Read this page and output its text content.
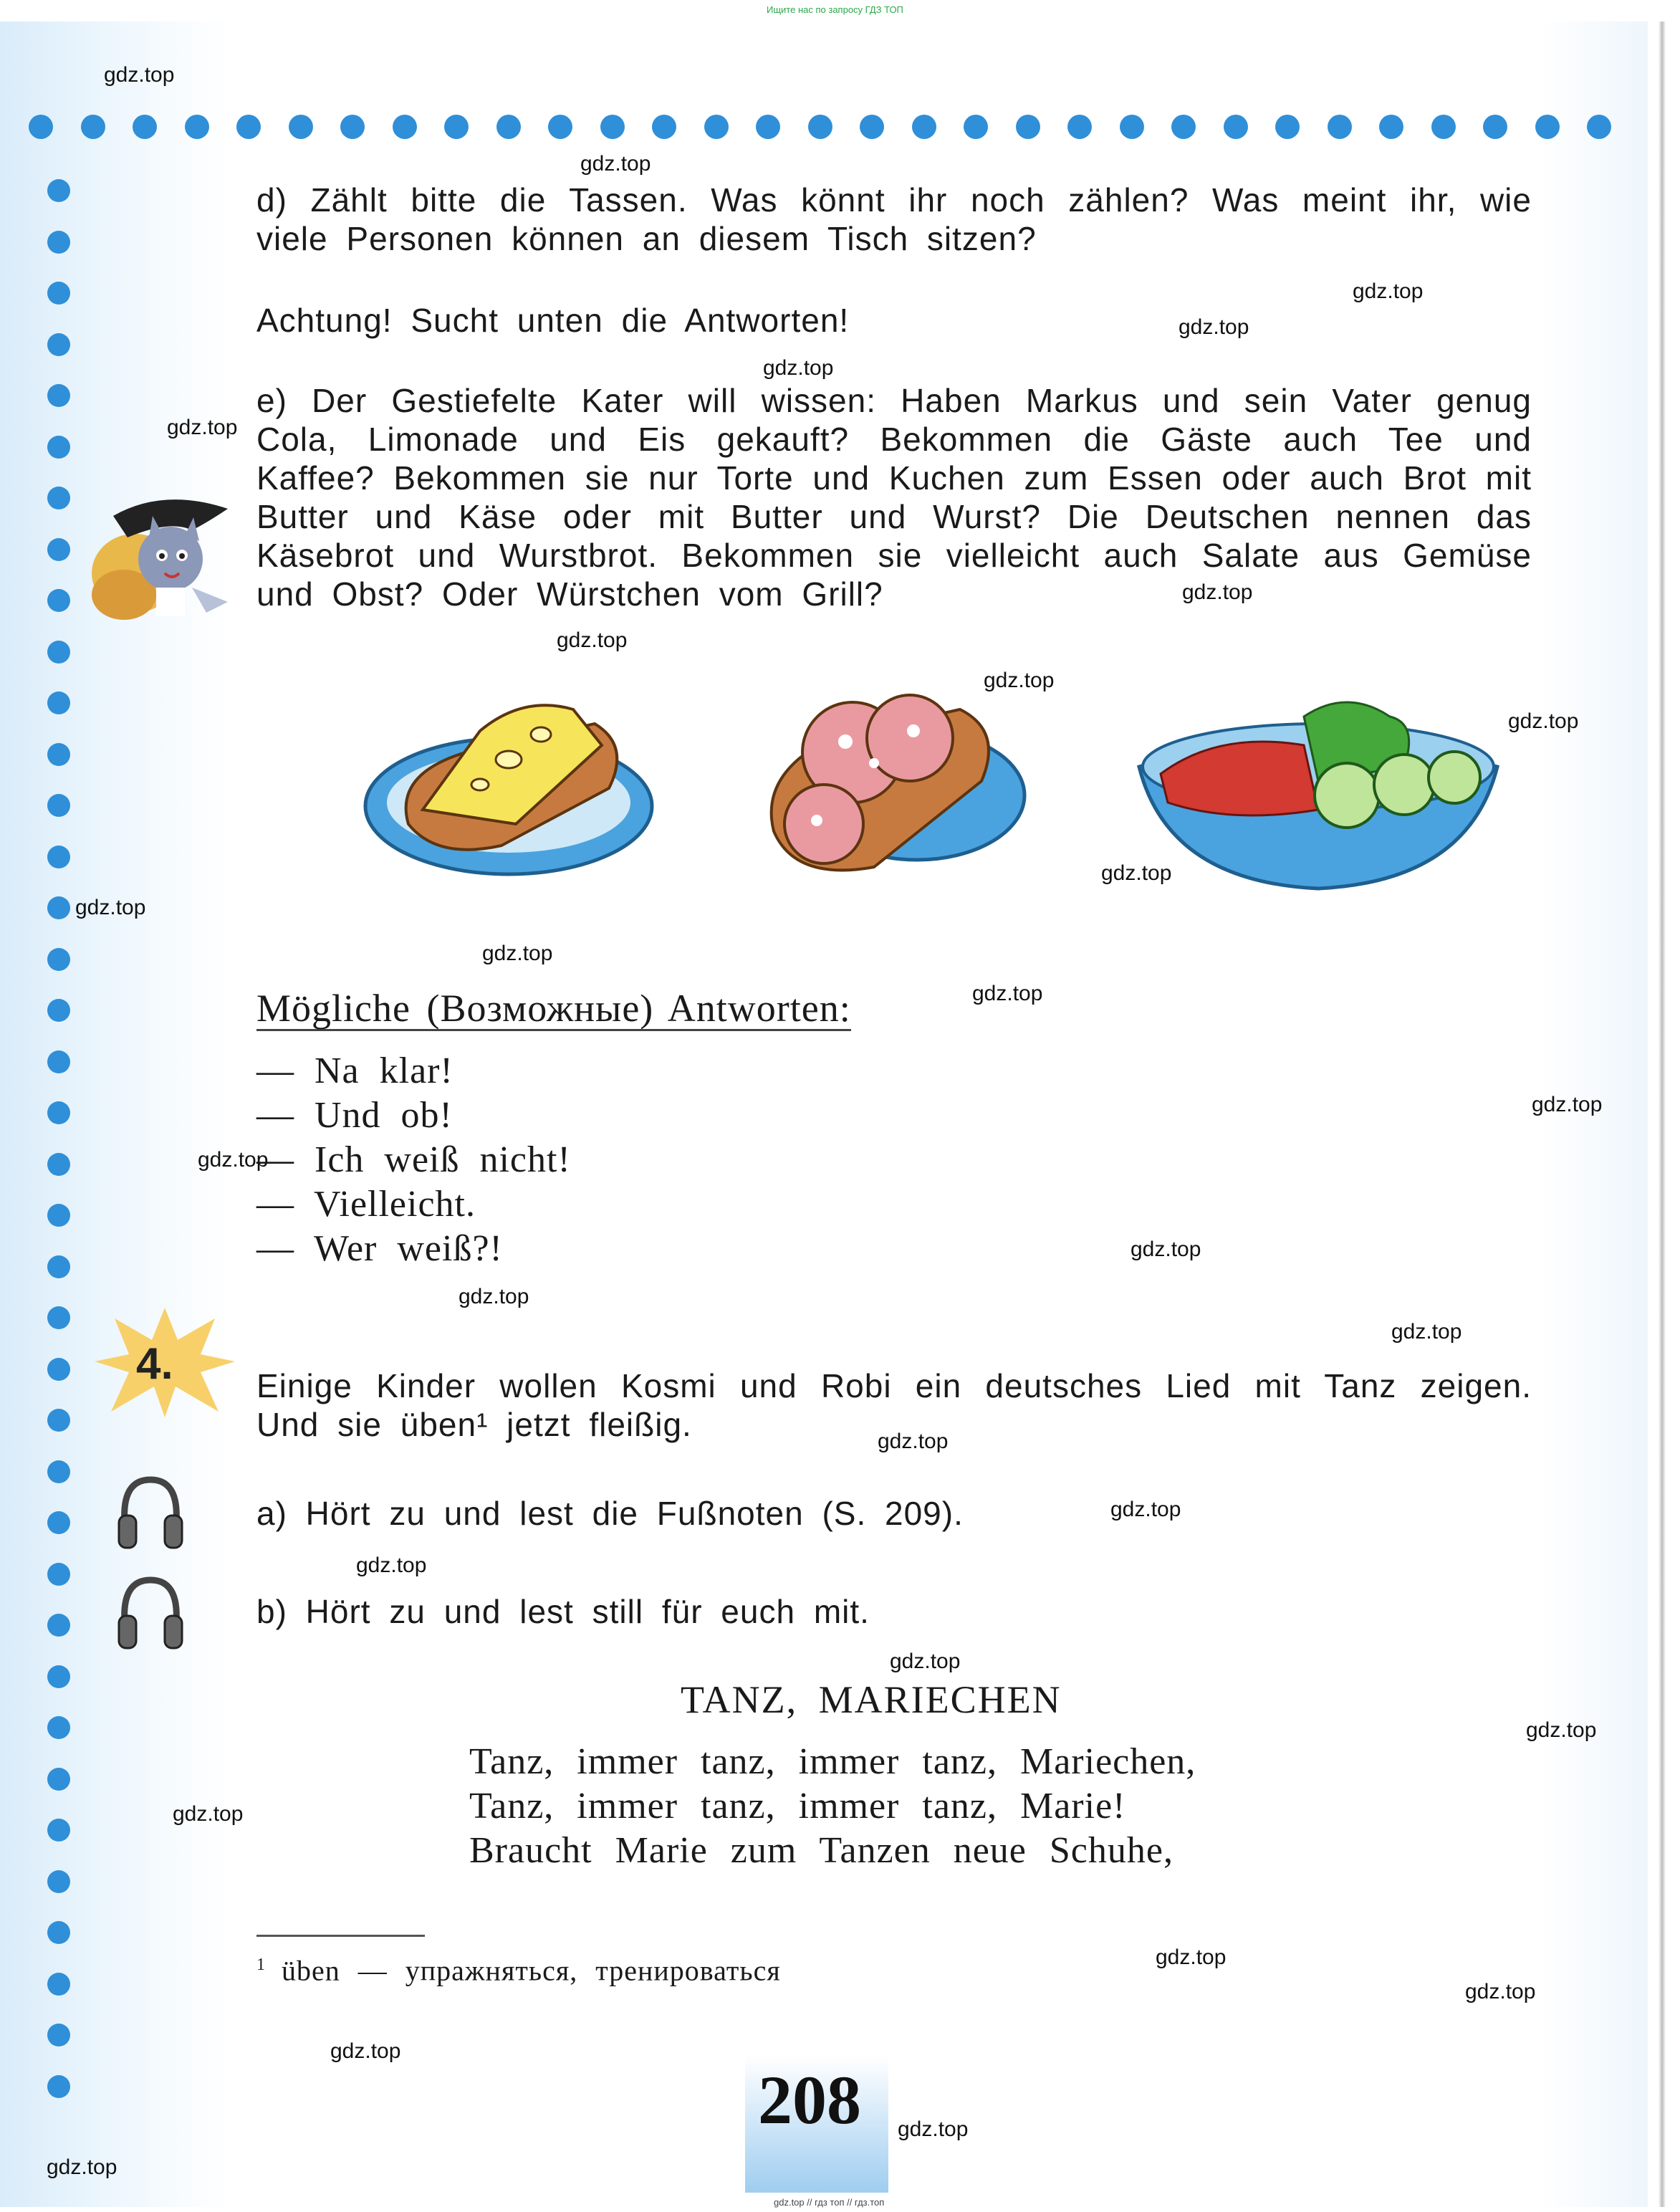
Ищите нас по запросу ГДЗ ТОП
d) Zählt bitte die Tassen. Was könnt ihr noch zählen? Was meint ihr, wie viele Personen können an diesem Tisch sitzen?
Achtung! Sucht unten die Antworten!
e) Der Gestiefelte Kater will wissen: Haben Markus und sein Vater genug Cola, Limonade und Eis gekauft? Bekommen die Gäste auch Tee und Kaffee? Bekommen sie nur Torte und Kuchen zum Essen oder auch Brot mit Butter und Käse oder mit Butter und Wurst? Die Deutschen nennen das Käsebrot und Wurstbrot. Bekommen sie vielleicht auch Salate aus Gemüse und Obst? Oder Würstchen vom Grill?
Mögliche (Возможные) Antworten:
— Na klar!
— Und ob!
— Ich weiß nicht!
— Vielleicht.
— Wer weiß?!
4.	Einige Kinder wollen Kosmi und Robi ein deutsches Lied mit Tanz zeigen. Und sie üben¹ jetzt fleißig.
a) Hört zu und lest die Fußnoten (S. 209).
b) Hört zu und lest still für euch mit.
TANZ, MARIECHEN
Tanz, immer tanz, immer tanz, Mariechen,
Tanz, immer tanz, immer tanz, Marie!
Braucht Marie zum Tanzen neue Schuhe,
$^1$ üben — упражняться, тренироваться
208
gdz.top // гдз топ // гдз.топ
gdz.top
gdz.top
gdz.top
gdz.top
gdz.top
gdz.top
gdz.top
gdz.top
gdz.top
gdz.top
gdz.top
gdz.top
gdz.top
gdz.top
gdz.top
gdz.top
gdz.top
gdz.top
gdz.top
gdz.top
gdz.top
gdz.top
gdz.top
gdz.top
gdz.top
gdz.top
gdz.top
gdz.top
gdz.top
gdz.top
